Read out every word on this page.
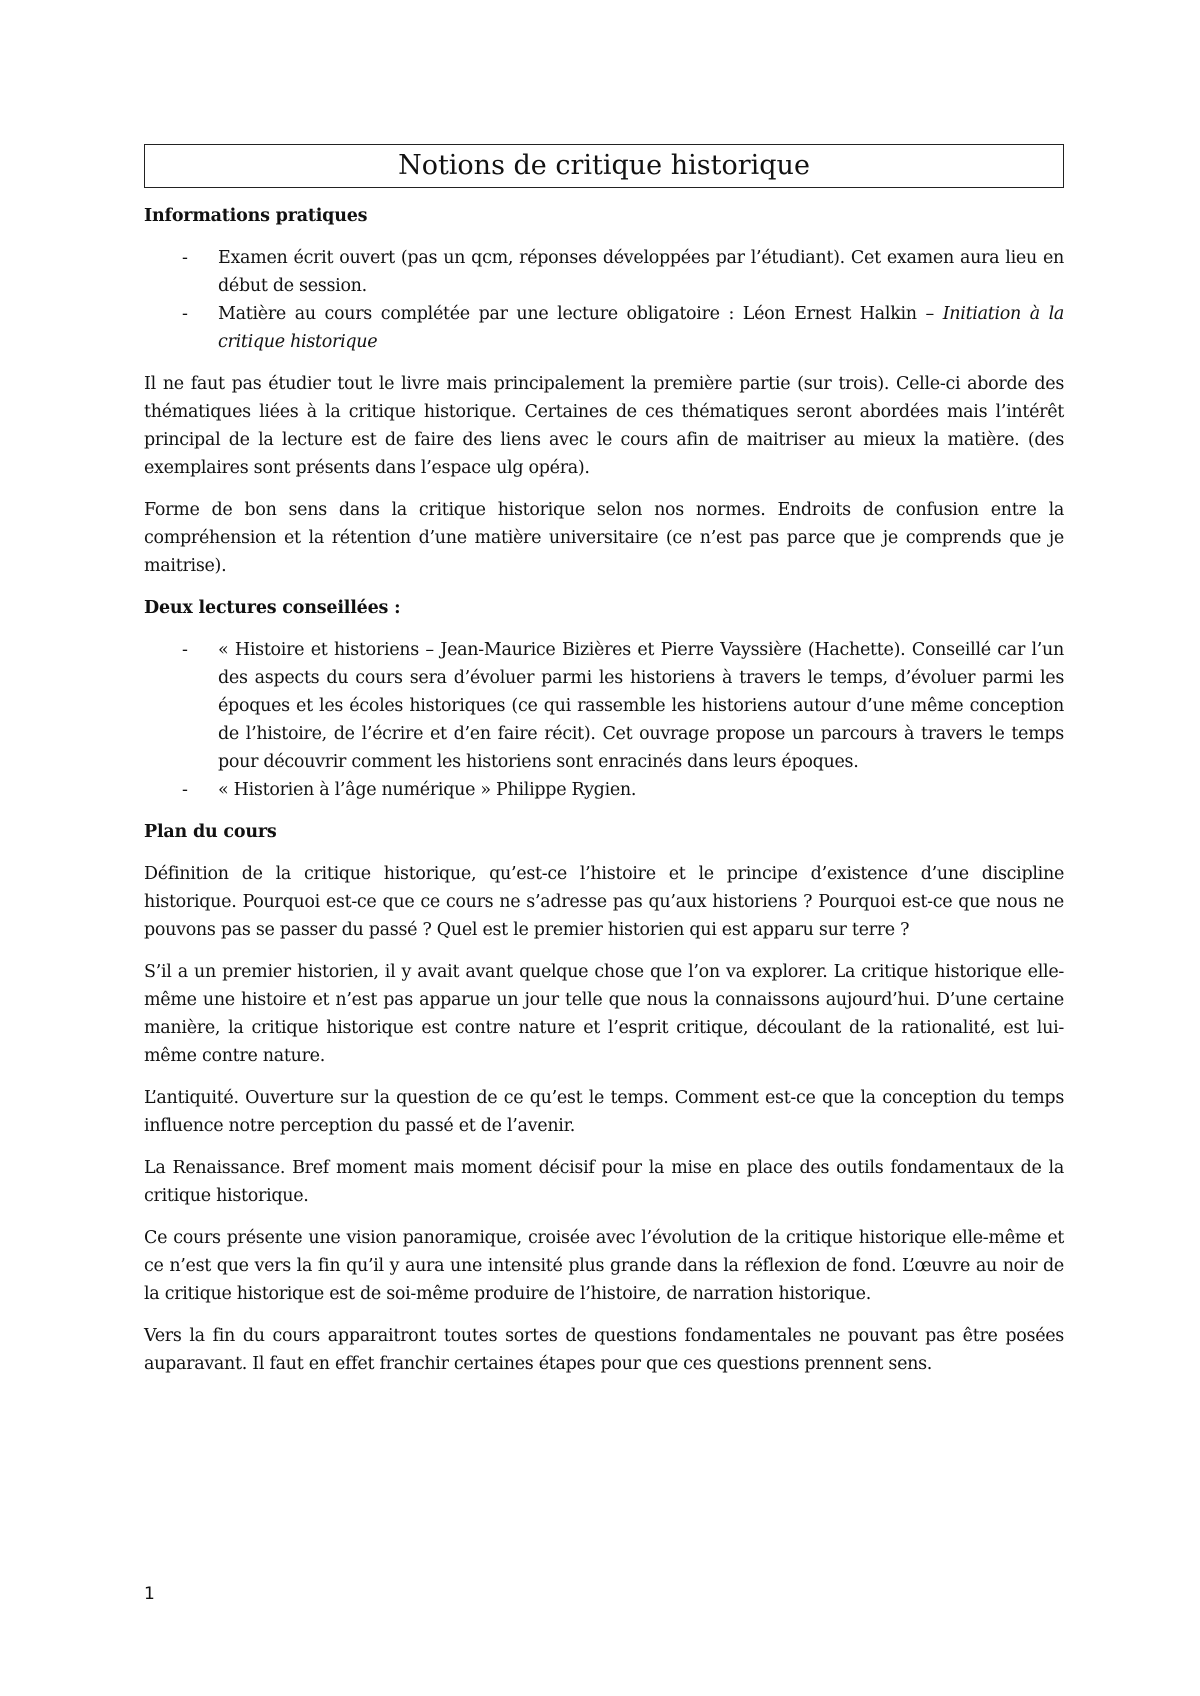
Notions de critique historique
Informations pratiques
- Examen écrit ouvert (pas un qcm, réponses développées par l’étudiant). Cet examen aura lieu en début de session.
- Matière au cours complétée par une lecture obligatoire : Léon Ernest Halkin – Initiation à la critique historique

Il ne faut pas étudier tout le livre mais principalement la première partie (sur trois). Celle-ci aborde des thématiques liées à la critique historique. Certaines de ces thématiques seront abordées mais l’intérêt principal de la lecture est de faire des liens avec le cours afin de maitriser au mieux la matière. (des exemplaires sont présents dans l’espace ulg opéra).

Forme de bon sens dans la critique historique selon nos normes. Endroits de confusion entre la compréhension et la rétention d’une matière universitaire (ce n’est pas parce que je comprends que je maitrise).

Deux lectures conseillées :
- « Histoire et historiens – Jean-Maurice Bizières et Pierre Vayssière (Hachette). Conseillé car l’un des aspects du cours sera d’évoluer parmi les historiens à travers le temps, d’évoluer parmi les époques et les écoles historiques (ce qui rassemble les historiens autour d’une même conception de l’histoire, de l’écrire et d’en faire récit). Cet ouvrage propose un parcours à travers le temps pour découvrir comment les historiens sont enracinés dans leurs époques.
- « Historien à l’âge numérique » Philippe Rygien.
Plan du cours

Définition de la critique historique, qu’est-ce l’histoire et le principe d’existence d’une discipline historique. Pourquoi est-ce que ce cours ne s’adresse pas qu’aux historiens ? Pourquoi est-ce que nous ne pouvons pas se passer du passé ? Quel est le premier historien qui est apparu sur terre ?

S’il a un premier historien, il y avait avant quelque chose que l’on va explorer. La critique historique elle-même une histoire et n’est pas apparue un jour telle que nous la connaissons aujourd’hui. D’une certaine manière, la critique historique est contre nature et l’esprit critique, découlant de la rationalité, est lui-même contre nature.

L’antiquité. Ouverture sur la question de ce qu’est le temps. Comment est-ce que la conception du temps influence notre perception du passé et de l’avenir.

La Renaissance. Bref moment mais moment décisif pour la mise en place des outils fondamentaux de la critique historique.

Ce cours présente une vision panoramique, croisée avec l’évolution de la critique historique elle-même et ce n’est que vers la fin qu’il y aura une intensité plus grande dans la réflexion de fond. L’œuvre au noir de la critique historique est de soi-même produire de l’histoire, de narration historique.

Vers la fin du cours apparaitront toutes sortes de questions fondamentales ne pouvant pas être posées auparavant. Il faut en effet franchir certaines étapes pour que ces questions prennent sens.

1
